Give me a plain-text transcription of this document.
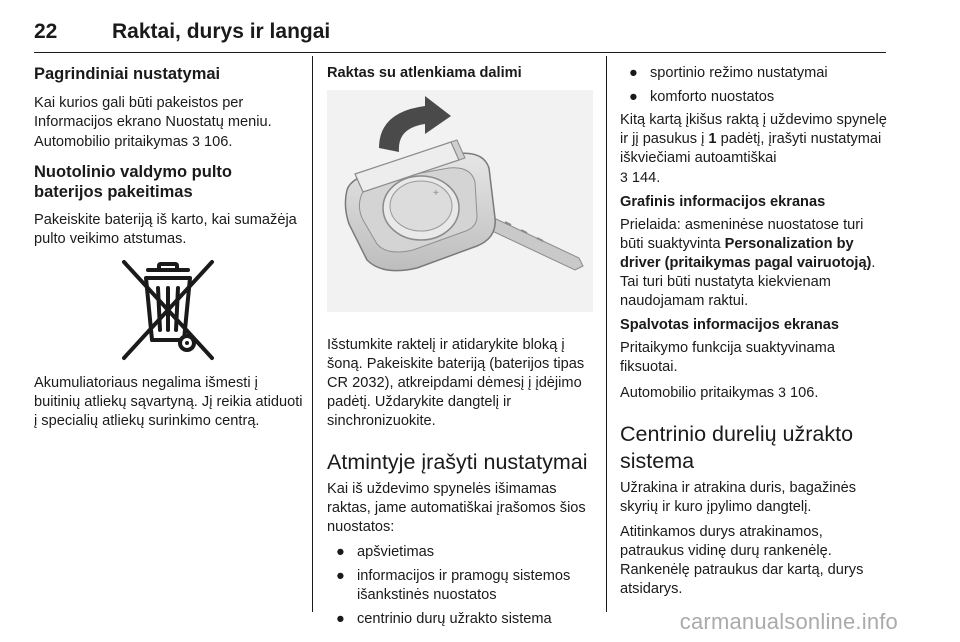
22	Raktai, durys ir langai
Pagrindiniai nustatymai

Kai kurios gali būti pakeistos per Informacijos ekrano Nuostatų meniu.

Automobilio pritaikymas 3 106.

Nuotolinio valdymo pulto baterijos pakeitimas

Pakeiskite bateriją iš karto, kai sumažėja pulto veikimo atstumas.

Akumuliatoriaus negalima išmesti į buitinių atliekų sąvartyną. Jį reikia atiduoti į specialių atliekų surinkimo centrą.

Raktas su atlenkiama dalimi
+

Išstumkite raktelį ir atidarykite bloką į šoną. Pakeiskite bateriją (baterijos tipas CR 2032), atkreipdami dėmesį į įdėjimo padėtį. Uždarykite dangtelį ir sinchronizuokite.

Atmintyje įrašyti nustatymai

Kai iš uždevimo spynelės išimamas raktas, jame automatiškai įrašomos šios nuostatos:

● apšvietimas
● informacijos ir pramogų sistemos išankstinės nuostatos
● centrinio durų užrakto sistema
● sportinio režimo nustatymai
● komforto nuostatos

Kitą kartą įkišus raktą į uždevimo spynelę ir jį pasukus į 1 padėtį, įrašyti nustatymai iškviečiami autoamtiškai

3 144.

Grafinis informacijos ekranas

Prielaida: asmeninėse nuostatose turi būti suaktyvinta Personalization by driver (pritaikymas pagal vairuotoją). Tai turi būti nustatyta kiekvienam naudojamam raktui.

Spalvotas informacijos ekranas

Pritaikymo funkcija suaktyvinama fiksuotai.

Automobilio pritaikymas 3 106.

Centrinio durelių užrakto sistema

Užrakina ir atrakina duris, bagažinės skyrių ir kuro įpylimo dangtelį.

Atitinkamos durys atrakinamos, patraukus vidinę durų rankenėlę. Rankenėlę patraukus dar kartą, durys atsidarys.

carmanualsonline.info
